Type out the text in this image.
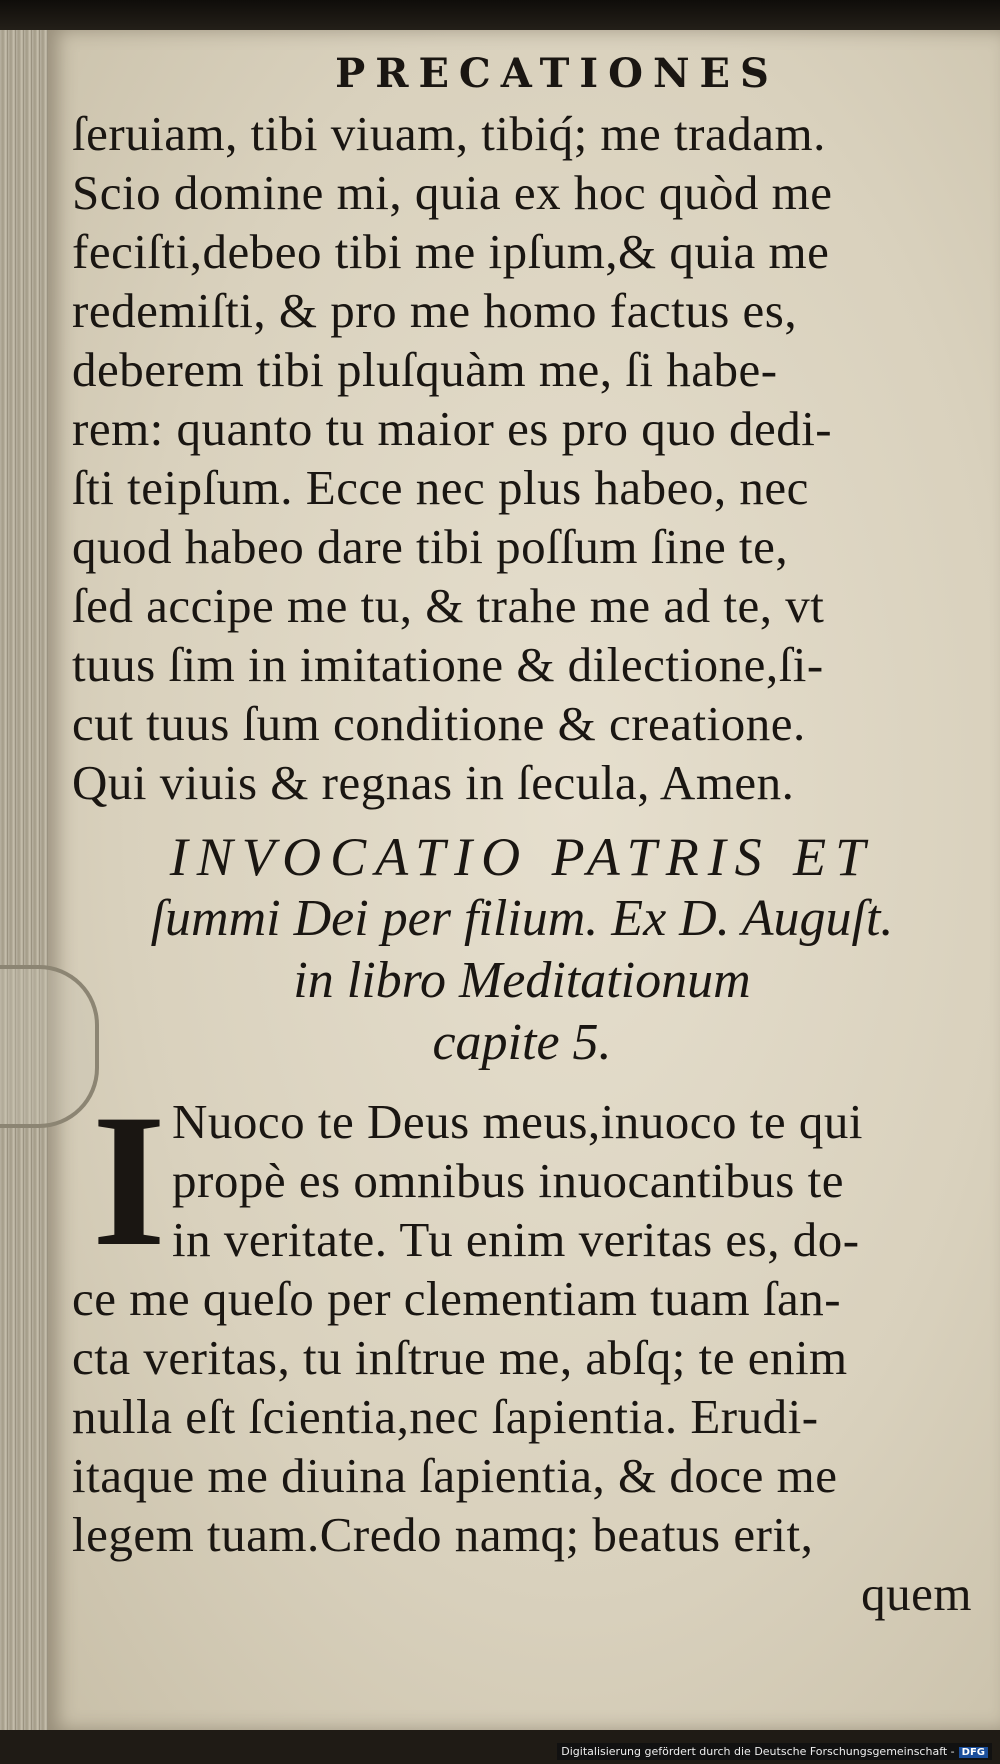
PRECATIONES
ſeruiam, tibi viuam, tibiq́; me tradam.
Scio domine mi, quia ex hoc quòd me
feciſti,debeo tibi me ipſum,& quia me
redemiſti, & pro me homo factus es,
deberem tibi pluſquàm me, ſi habe-
rem: quanto tu maior es pro quo dedi-
ſti teipſum. Ecce nec plus habeo, nec
quod habeo dare tibi poſſum ſine te,
ſed accipe me tu, & trahe me ad te, vt
tuus ſim in imitatione & dilectione,ſi-
cut tuus ſum conditione & creatione.
Qui viuis & regnas in ſecula, Amen.
INVOCATIO PATRIS ET
ſummi Dei per filium. Ex D. Auguſt.
in libro Meditationum
capite 5.
I Nuoco te Deus meus,inuoco te qui
propè es omnibus inuocantibus te
in veritate. Tu enim veritas es, do-
ce me queſo per clementiam tuam ſan-
cta veritas, tu inſtrue me, abſq; te enim
nulla eſt ſcientia,nec ſapientia. Erudi-
itaque me diuina ſapientia, & doce me
legem tuam.Credo namq; beatus erit,
quem
Digitalisierung gefördert durch die Deutsche Forschungsgemeinschaft - DFG
